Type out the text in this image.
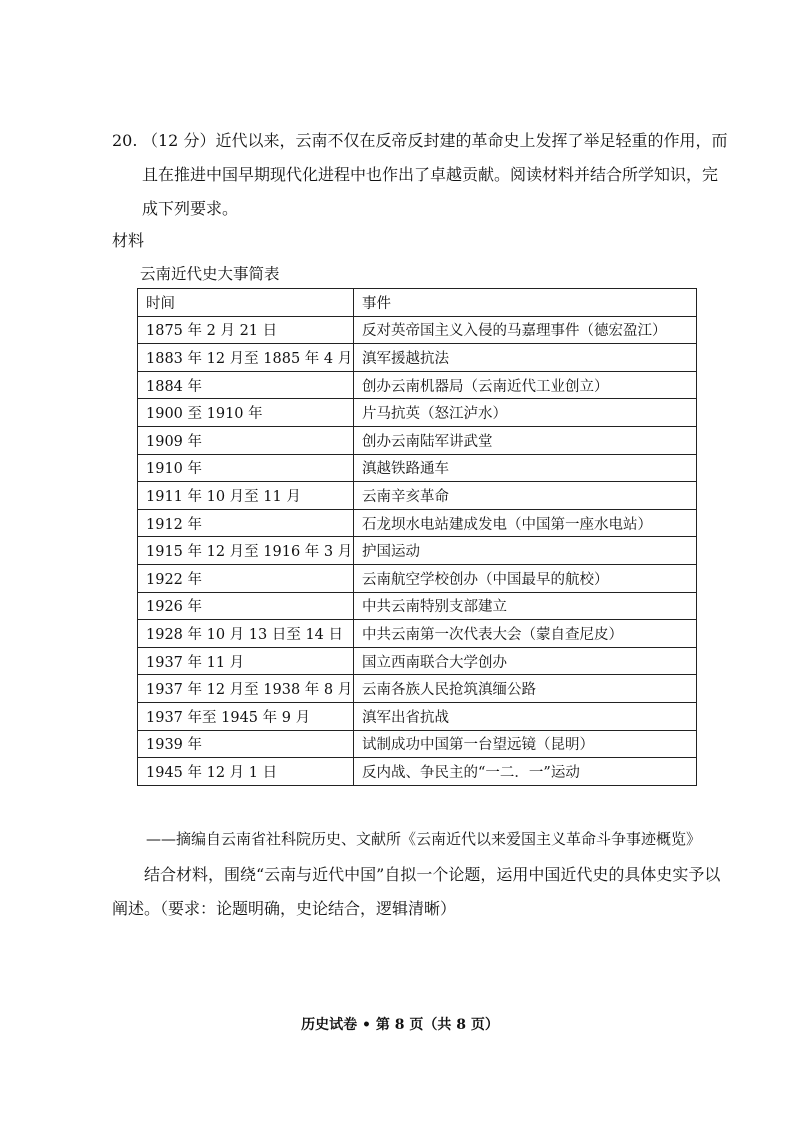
20. （12 分）近代以来，云南不仅在反帝反封建的革命史上发挥了举足轻重的作用，而且在推进中国早期现代化进程中也作出了卓越贡献。阅读材料并结合所学知识，完成下列要求。
材料
云南近代史大事简表
时间	事件
1875 年 2 月 21 日	反对英帝国主义入侵的马嘉理事件（德宏盈江）
1883 年 12 月至 1885 年 4 月	滇军援越抗法
1884 年	创办云南机器局（云南近代工业创立）
1900 至 1910 年	片马抗英（怒江泸水）
1909 年	创办云南陆军讲武堂
1910 年	滇越铁路通车
1911 年 10 月至 11 月	云南辛亥革命
1912 年	石龙坝水电站建成发电（中国第一座水电站）
1915 年 12 月至 1916 年 3 月	护国运动
1922 年	云南航空学校创办（中国最早的航校）
1926 年	中共云南特别支部建立
1928 年 10 月 13 日至 14 日	中共云南第一次代表大会（蒙自查尼皮）
1937 年 11 月	国立西南联合大学创办
1937 年 12 月至 1938 年 8 月	云南各族人民抢筑滇缅公路
1937 年至 1945 年 9 月	滇军出省抗战
1939 年	试制成功中国第一台望远镜（昆明）
1945 年 12 月 1 日	反内战、争民主的“一二．一”运动
——摘编自云南省社科院历史、文献所《云南近代以来爱国主义革命斗争事迹概览》
结合材料，围绕“云南与近代中国”自拟一个论题，运用中国近代史的具体史实予以阐述。（要求：论题明确，史论结合，逻辑清晰）
历史试卷 • 第 8 页（共 8 页）
